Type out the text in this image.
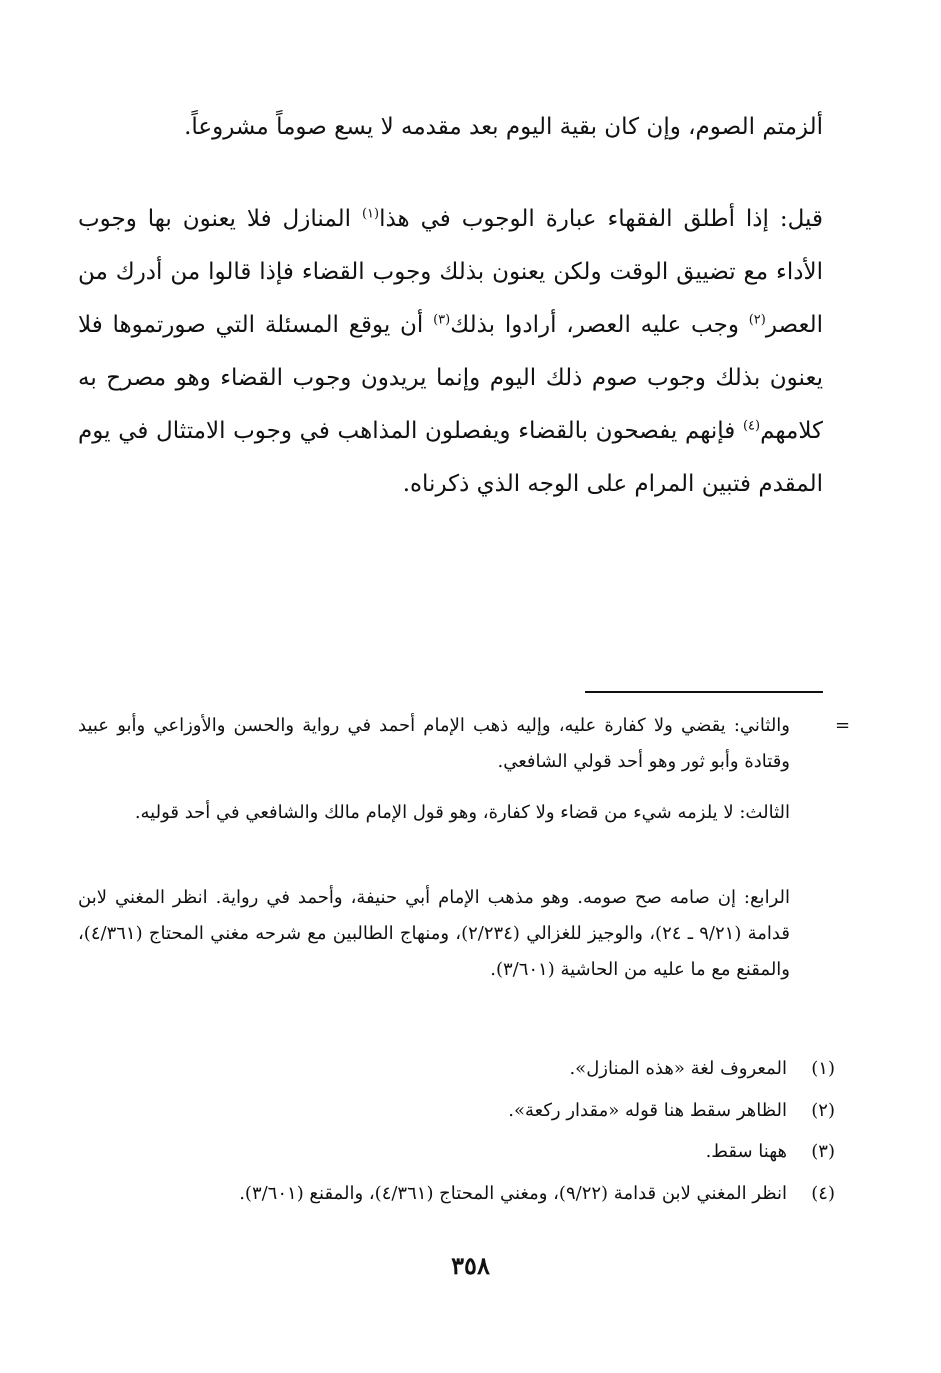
ألزمتم الصوم، وإن كان بقية اليوم بعد مقدمه لا يسع صوماً مشروعاً.

قيل: إذا أطلق الفقهاء عبارة الوجوب في هذا$^{(١)}$ المنازل فلا يعنون بها وجوب الأداء مع تضييق الوقت ولكن يعنون بذلك وجوب القضاء فإذا قالوا من أدرك من العصر$^{(٢)}$ وجب عليه العصر، أرادوا بذلك$^{(٣)}$ أن يوقع المسئلة التي صورتموها فلا يعنون بذلك وجوب صوم ذلك اليوم وإنما يريدون وجوب القضاء وهو مصرح به كلامهم$^{(٤)}$ فإنهم يفصحون بالقضاء ويفصلون المذاهب في وجوب الامتثال في يوم المقدم فتبين المرام على الوجه الذي ذكرناه.

=

والثاني: يقضي ولا كفارة عليه، وإليه ذهب الإمام أحمد في رواية والحسن والأوزاعي وأبو عبيد وقتادة وأبو ثور وهو أحد قولي الشافعي.

الثالث: لا يلزمه شيء من قضاء ولا كفارة، وهو قول الإمام مالك والشافعي في أحد قوليه.

الرابع: إن صامه صح صومه. وهو مذهب الإمام أبي حنيفة، وأحمد في رواية. انظر المغني لابن قدامة (٩/٢١ ـ ٢٤)، والوجيز للغزالي (٢/٢٣٤)، ومنهاج الطالبين مع شرحه مغني المحتاج (٤/٣٦١)، والمقنع مع ما عليه من الحاشية (٣/٦٠١).

(١)المعروف لغة «هذه المنازل».
(٢)الظاهر سقط هنا قوله «مقدار ركعة».
(٣)ههنا سقط.
(٤)انظر المغني لابن قدامة (٩/٢٢)، ومغني المحتاج (٤/٣٦١)، والمقنع (٣/٦٠١).
٣٥٨
